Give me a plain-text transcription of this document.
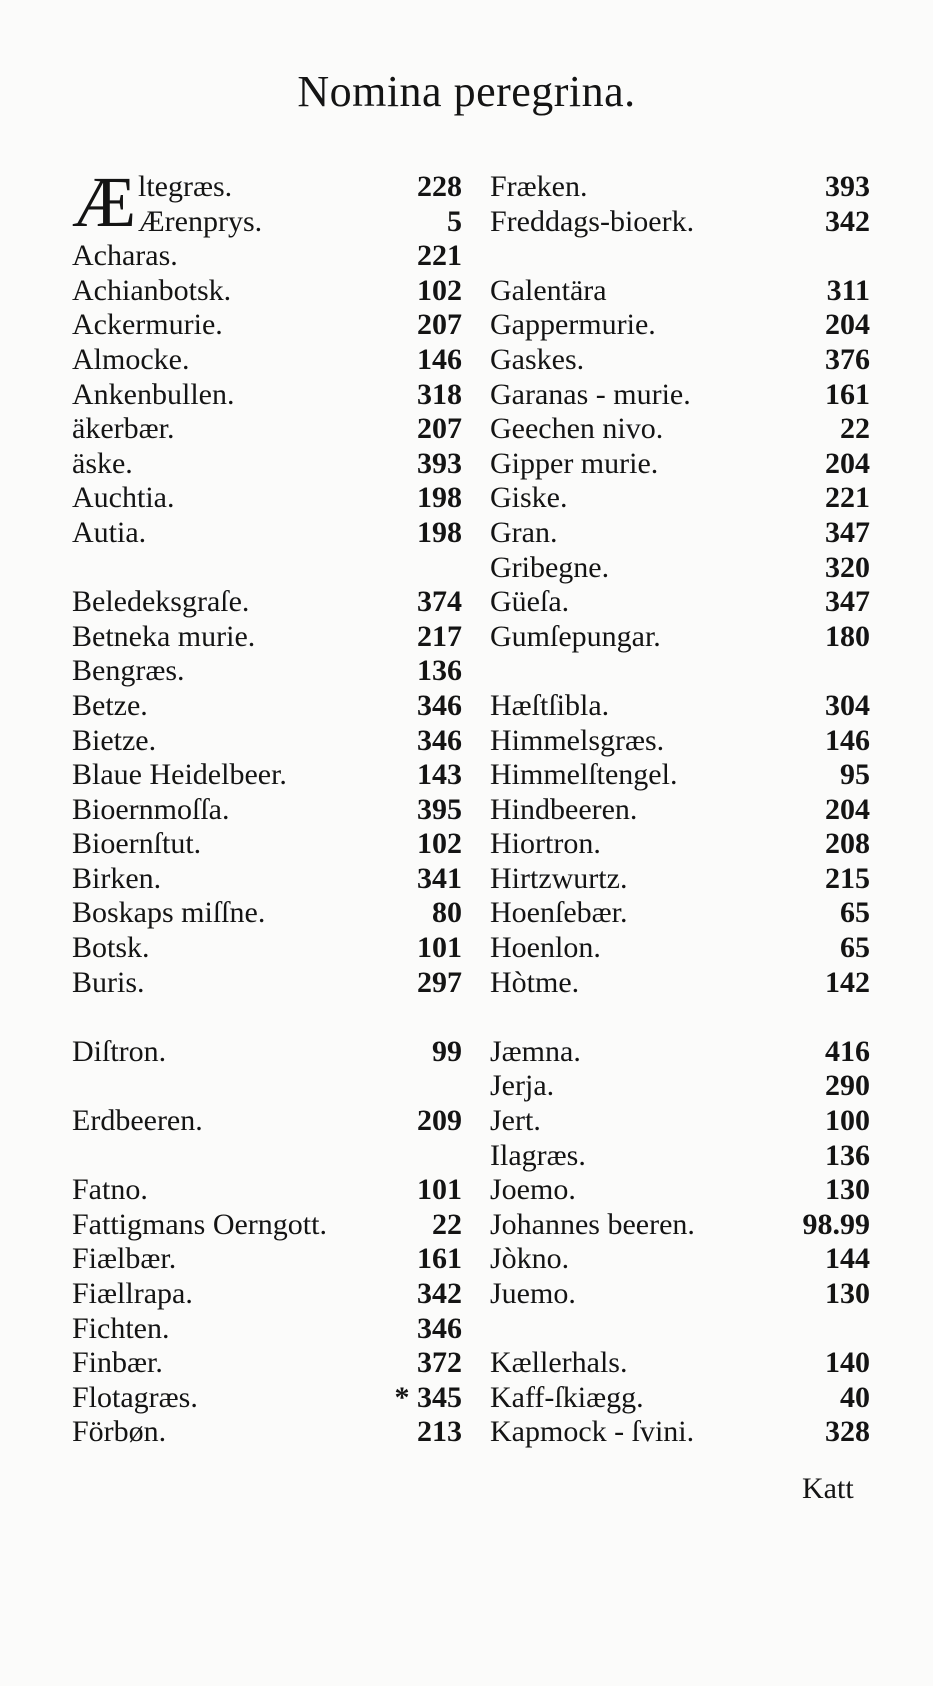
Nomina peregrina.
Æ ltegræs.	228
Ærenprys.	5
Acharas.	221
Achianbotsk.	102
Ackermurie.	207
Almocke.	146
Ankenbullen.	318
äkerbær.	207
äske.	393
Auchtia.	198
Autia.	198
Beledeksgraſe.	374
Betneka murie.	217
Bengræs.	136
Betze.	346
Bietze.	346
Blaue Heidelbeer.	143
Bioernmoſſa.	395
Bioernſtut.	102
Birken.	341
Boskaps miſſne.	80
Botsk.	101
Buris.	297
Diſtron.	99
Erdbeeren.	209
Fatno.	101
Fattigmans Oerngott.	22
Fiælbær.	161
Fiællrapa.	342
Fichten.	346
Finbær.	372
Flotagræs.	* 345
Förbøn.	213
Fræken.	393
Freddags-bioerk.	342
Galentära	311
Gappermurie.	204
Gaskes.	376
Garanas - murie.	161
Geechen nivo.	22
Gipper murie.	204
Giske.	221
Gran.	347
Gribegne.	320
Güeſa.	347
Gumſepungar.	180
Hæſtſibla.	304
Himmelsgræs.	146
Himmelſtengel.	95
Hindbeeren.	204
Hiortron.	208
Hirtzwurtz.	215
Hoenſebær.	65
Hoenlon.	65
Hòtme.	142
Jæmna.	416
Jerja.	290
Jert.	100
Ilagræs.	136
Joemo.	130
Johannes beeren.	98.99
Jòkno.	144
Juemo.	130
Kællerhals.	140
Kaff-ſkiægg.	40
Kapmock - ſvini.	328
Katt
